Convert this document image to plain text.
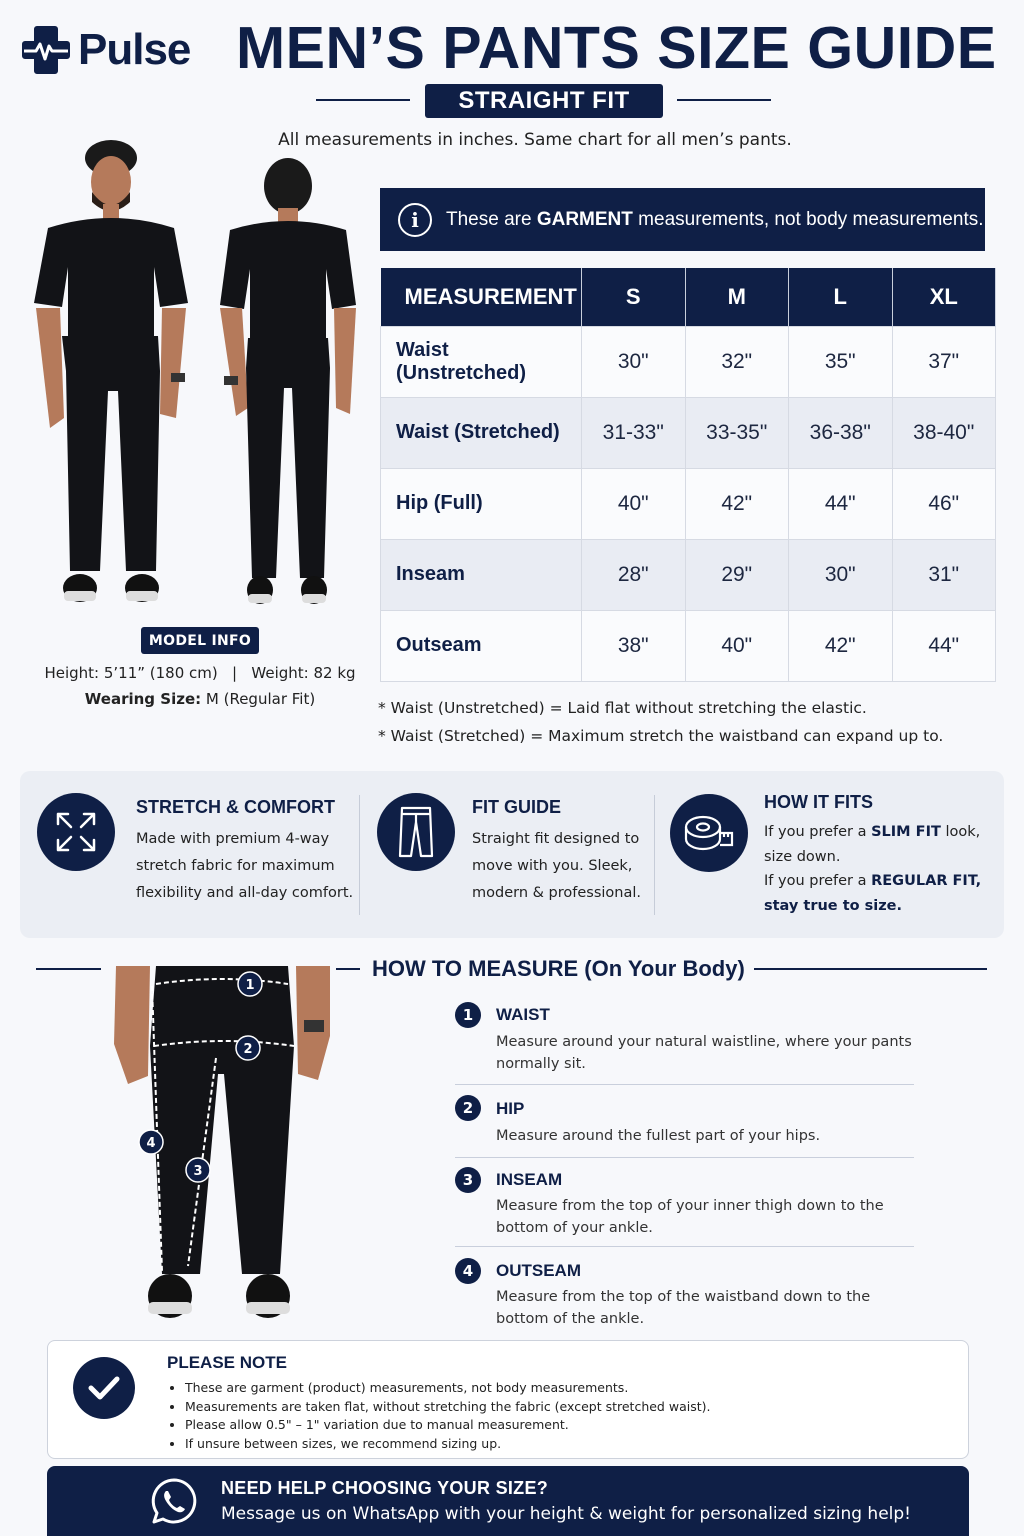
Pulse MEN’S PANTS SIZE GUIDE
STRAIGHT FIT
All measurements in inches. Same chart for all men’s pants.
MODEL INFO
Height: 5’11” (180 cm)   |   Weight: 82 kg
Wearing Size: M (Regular Fit)
i	These are GARMENT measurements, not body measurements.
MEASUREMENT	S	M	L	XL
Waist (Unstretched)	30"	32"	35"	37"
Waist (Stretched)	31-33"	33-35"	36-38"	38-40"
Hip (Full)	40"	42"	44"	46"
Inseam	28"	29"	30"	31"
Outseam	38"	40"	42"	44"
* Waist (Unstretched) = Laid flat without stretching the elastic.
* Waist (Stretched) = Maximum stretch the waistband can expand up to.
STRETCH & COMFORT
Made with premium 4-way
stretch fabric for maximum
flexibility and all-day comfort.
FIT GUIDE
Straight fit designed to
move with you. Sleek,
modern & professional.
HOW IT FITS
If you prefer a SLIM FIT look,
size down.
If you prefer a REGULAR FIT,
stay true to size.
HOW TO MEASURE (On Your Body)
1
2
3
4
1	WAIST
Measure around your natural waistline, where your pants
normally sit.
2	HIP
Measure around the fullest part of your hips.
3	INSEAM
Measure from the top of your inner thigh down to the
bottom of your ankle.
4	OUTSEAM
Measure from the top of the waistband down to the
bottom of the ankle.
PLEASE NOTE
• These are garment (product) measurements, not body measurements.
• Measurements are taken flat, without stretching the fabric (except stretched waist).
• Please allow 0.5" – 1" variation due to manual measurement.
• If unsure between sizes, we recommend sizing up.
NEED HELP CHOOSING YOUR SIZE?
Message us on WhatsApp with your height & weight for personalized sizing help!
